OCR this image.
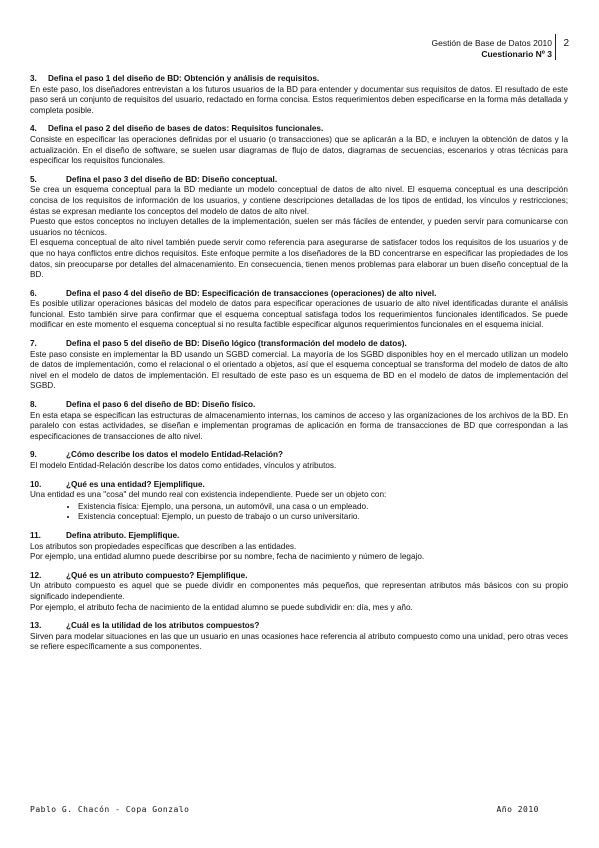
Gestión de Base de Datos 2010
Cuestionario Nº 3
2
3.	Defina el paso 1 del diseño de BD: Obtención y análisis de requisitos.

En este paso, los diseñadores entrevistan a los futuros usuarios de la BD para entender y documentar sus requisitos de datos. El resultado de este paso será un conjunto de requisitos del usuario, redactado en forma concisa. Estos requerimientos deben especificarse en la forma más detallada y completa posible.

4.	Defina el paso 2 del diseño de bases de datos: Requisitos funcionales.

Consiste en especificar las operaciones definidas por el usuario (o transacciones) que se aplicarán a la BD, e incluyen la obtención de datos y la actualización. En el diseño de software, se suelen usar diagramas de flujo de datos, diagramas de secuencias, escenarios y otras técnicas para especificar los requisitos funcionales.

5.	Defina el paso 3 del diseño de BD: Diseño conceptual.

Se crea un esquema conceptual para la BD mediante un modelo conceptual de datos de alto nivel. El esquema conceptual es una descripción concisa de los requisitos de información de los usuarios, y contiene descripciones detalladas de los tipos de entidad, los vínculos y restricciones; éstas se expresan mediante los conceptos del modelo de datos de alto nivel.

Puesto que estos conceptos no incluyen detalles de la implementación, suelen ser más fáciles de entender, y pueden servir para comunicarse con usuarios no técnicos.

El esquema conceptual de alto nivel también puede servir como referencia para asegurarse de satisfacer todos los requisitos de los usuarios y de que no haya conflictos entre dichos requisitos. Este enfoque permite a los diseñadores de la BD concentrarse en especificar las propiedades de los datos, sin preocuparse por detalles del almacenamiento. En consecuencia, tienen menos problemas para elaborar un buen diseño conceptual de la BD.

6.	Defina el paso 4 del diseño de BD: Especificación de transacciones (operaciones) de alto nivel.

Es posible utilizar operaciones básicas del modelo de datos para especificar operaciones de usuario de alto nivel identificadas durante el análisis funcional. Esto también sirve para confirmar que el esquema conceptual satisfaga todos los requerimientos funcionales identificados. Se puede modificar en este momento el esquema conceptual si no resulta factible especificar algunos requerimientos funcionales en el esquema inicial.

7.	Defina el paso 5 del diseño de BD: Diseño lógico (transformación del modelo de datos).

Este paso consiste en implementar la BD usando un SGBD comercial. La mayoría de los SGBD disponibles hoy en el mercado utilizan un modelo de datos de implementación, como el relacional o el orientado a objetos, así que el esquema conceptual se transforma del modelo de datos de alto nivel en el modelo de datos de implementación. El resultado de este paso es un esquema de BD en el modelo de datos de implementación del SGBD.

8.	Defina el paso 6 del diseño de BD: Diseño físico.

En esta etapa se especifican las estructuras de almacenamiento internas, los caminos de acceso y las organizaciones de los archivos de la BD. En paralelo con estas actividades, se diseñan e implementan programas de aplicación en forma de transacciones de BD que correspondan a las especificaciones de transacciones de alto nivel.

9.	¿Cómo describe los datos el modelo Entidad-Relación?

El modelo Entidad-Relación describe los datos como entidades, vínculos y atributos.

10.	¿Qué es una entidad? Ejemplifique.

Una entidad es una "cosa" del mundo real con existencia independiente. Puede ser un objeto con:

• Existencia física: Ejemplo, una persona, un automóvil, una casa o un empleado.
• Existencia conceptual: Ejemplo, un puesto de trabajo o un curso universitario.
11.	Defina atributo. Ejemplifique.

Los atributos son propiedades específicas que describen a las entidades.

Por ejemplo, una entidad alumno puede describirse por su nombre, fecha de nacimiento y número de legajo.

12.	¿Qué es un atributo compuesto? Ejemplifique.

Un atributo compuesto es aquel que se puede dividir en componentes más pequeños, que representan atributos más básicos con su propio significado independiente.

Por ejemplo, el atributo fecha de nacimiento de la entidad alumno se puede subdividir en: día, mes y año.

13.	¿Cuál es la utilidad de los atributos compuestos?

Sirven para modelar situaciones en las que un usuario en unas ocasiones hace referencia al atributo compuesto como una unidad, pero otras veces se refiere específicamente a sus componentes.

Pablo G. Chacón - Copa Gonzalo	Año 2010
